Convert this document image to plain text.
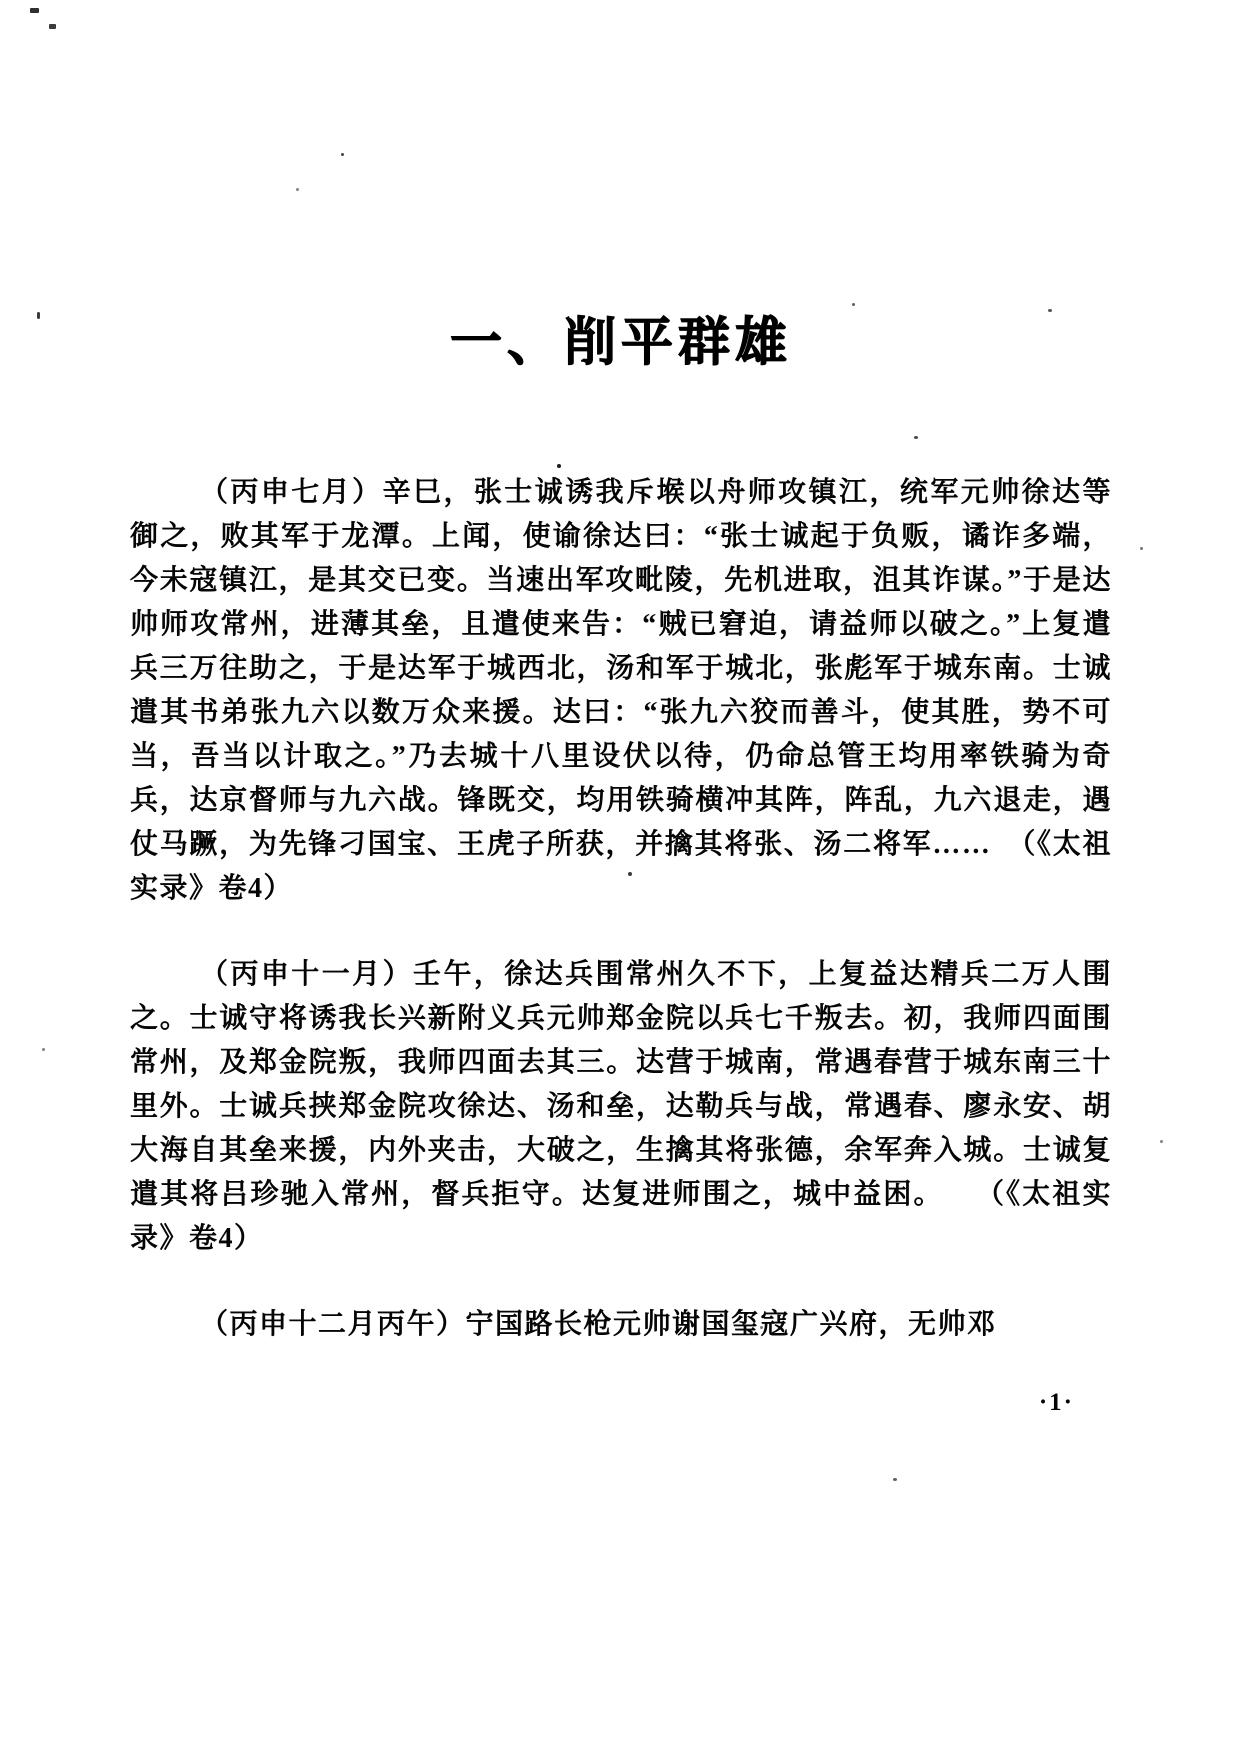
一、削平群雄

（丙申七月）辛巳，张士诚诱我斥堠以舟师攻镇江，统军元帅徐达等御之，败其军于龙潭。上闻，使谕徐达曰：“张士诚起于负贩，谲诈多端，今未寇镇江，是其交已变。当速出军攻毗陵，先机进取，沮其诈谋。”于是达帅师攻常州，进薄其垒，且遣使来告：“贼已窘迫，请益师以破之。”上复遣兵三万往助之，于是达军于城西北，汤和军于城北，张彪军于城东南。士诚遣其书弟张九六以数万众来援。达曰：“张九六狡而善斗，使其胜，势不可当，吾当以计取之。”乃去城十八里设伏以待，仍命总管王均用率铁骑为奇兵，达京督师与九六战。锋既交，均用铁骑横冲其阵，阵乱，九六退走，遇仗马蹶，为先锋刁国宝、王虎子所获，并擒其将张、汤二将军……　（《太祖实录》卷4）

（丙申十一月）壬午，徐达兵围常州久不下，上复益达精兵二万人围之。士诚守将诱我长兴新附义兵元帅郑金院以兵七千叛去。初，我师四面围常州，及郑金院叛，我师四面去其三。达营于城南，常遇春营于城东南三十里外。士诚兵挟郑金院攻徐达、汤和垒，达勒兵与战，常遇春、廖永安、胡大海自其垒来援，内外夹击，大破之，生擒其将张德，余军奔入城。士诚复遣其将吕珍驰入常州，督兵拒守。达复进师围之，城中益困。　　（《太祖实录》卷4）

（丙申十二月丙午）宁国路长枪元帅谢国玺寇广兴府，无帅邓

·1·
